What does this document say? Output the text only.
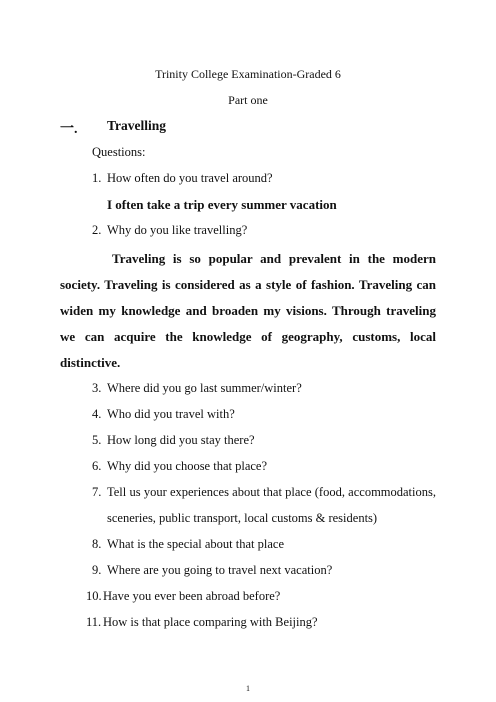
Trinity College Examination-Graded 6
Part one
一. Travelling
Questions:
1. How often do you travel around?
I often take a trip every summer vacation
2. Why do you like travelling?
Traveling is so popular and prevalent in the modern society. Traveling is considered as a style of fashion. Traveling can widen my knowledge and broaden my visions. Through traveling we can acquire the knowledge of geography, customs, local distinctive.
3. Where did you go last summer/winter?
4. Who did you travel with?
5. How long did you stay there?
6. Why did you choose that place?
7. Tell us your experiences about that place (food, accommodations,
sceneries, public transport, local customs & residents)
8. What is the special about that place
9. Where are you going to travel next vacation?
10. Have you ever been abroad before?
11. How is that place comparing with Beijing?
1
